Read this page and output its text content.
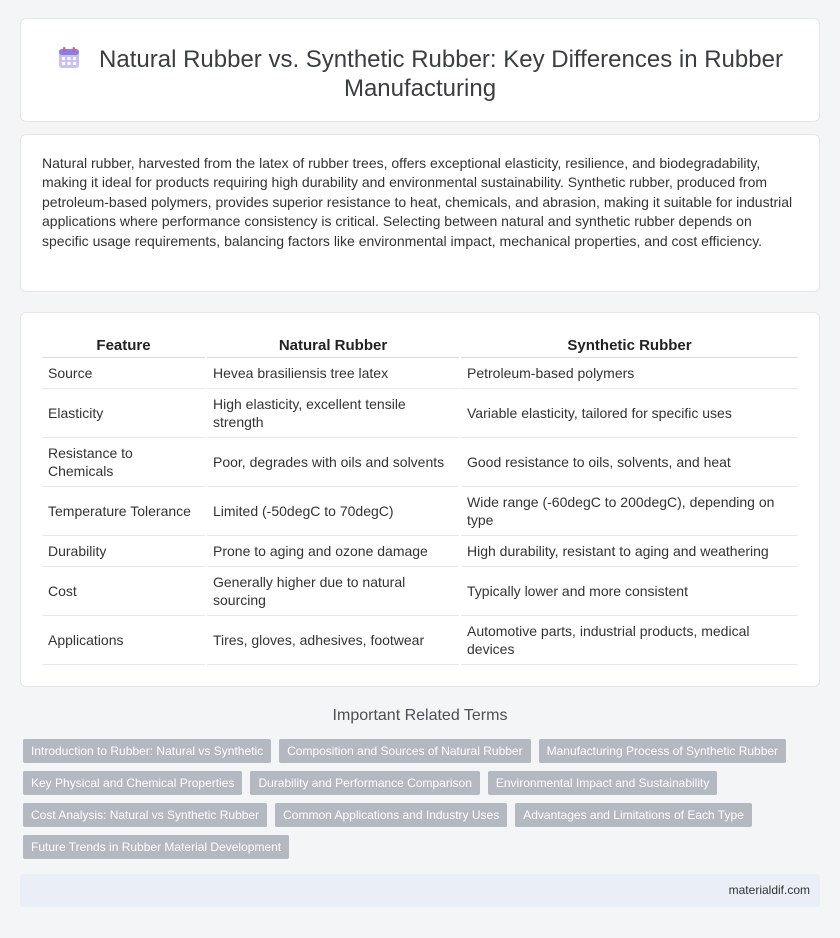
Natural Rubber vs. Synthetic Rubber: Key Differences in Rubber Manufacturing

Natural rubber, harvested from the latex of rubber trees, offers exceptional elasticity, resilience, and biodegradability, making it ideal for products requiring high durability and environmental sustainability. Synthetic rubber, produced from petroleum-based polymers, provides superior resistance to heat, chemicals, and abrasion, making it suitable for industrial applications where performance consistency is critical. Selecting between natural and synthetic rubber depends on specific usage requirements, balancing factors like environmental impact, mechanical properties, and cost efficiency.

Feature	Natural Rubber	Synthetic Rubber
Source	Hevea brasiliensis tree latex	Petroleum-based polymers
Elasticity	High elasticity, excellent tensile strength	Variable elasticity, tailored for specific uses
Resistance to Chemicals	Poor, degrades with oils and solvents	Good resistance to oils, solvents, and heat
Temperature Tolerance	Limited (-50degC to 70degC)	Wide range (-60degC to 200degC), depending on type
Durability	Prone to aging and ozone damage	High durability, resistant to aging and weathering
Cost	Generally higher due to natural sourcing	Typically lower and more consistent
Applications	Tires, gloves, adhesives, footwear	Automotive parts, industrial products, medical devices
Important Related Terms
Introduction to Rubber: Natural vs Synthetic	Composition and Sources of Natural Rubber	Manufacturing Process of Synthetic Rubber
Key Physical and Chemical Properties	Durability and Performance Comparison	Environmental Impact and Sustainability
Cost Analysis: Natural vs Synthetic Rubber	Common Applications and Industry Uses	Advantages and Limitations of Each Type
Future Trends in Rubber Material Development
materialdif.com
